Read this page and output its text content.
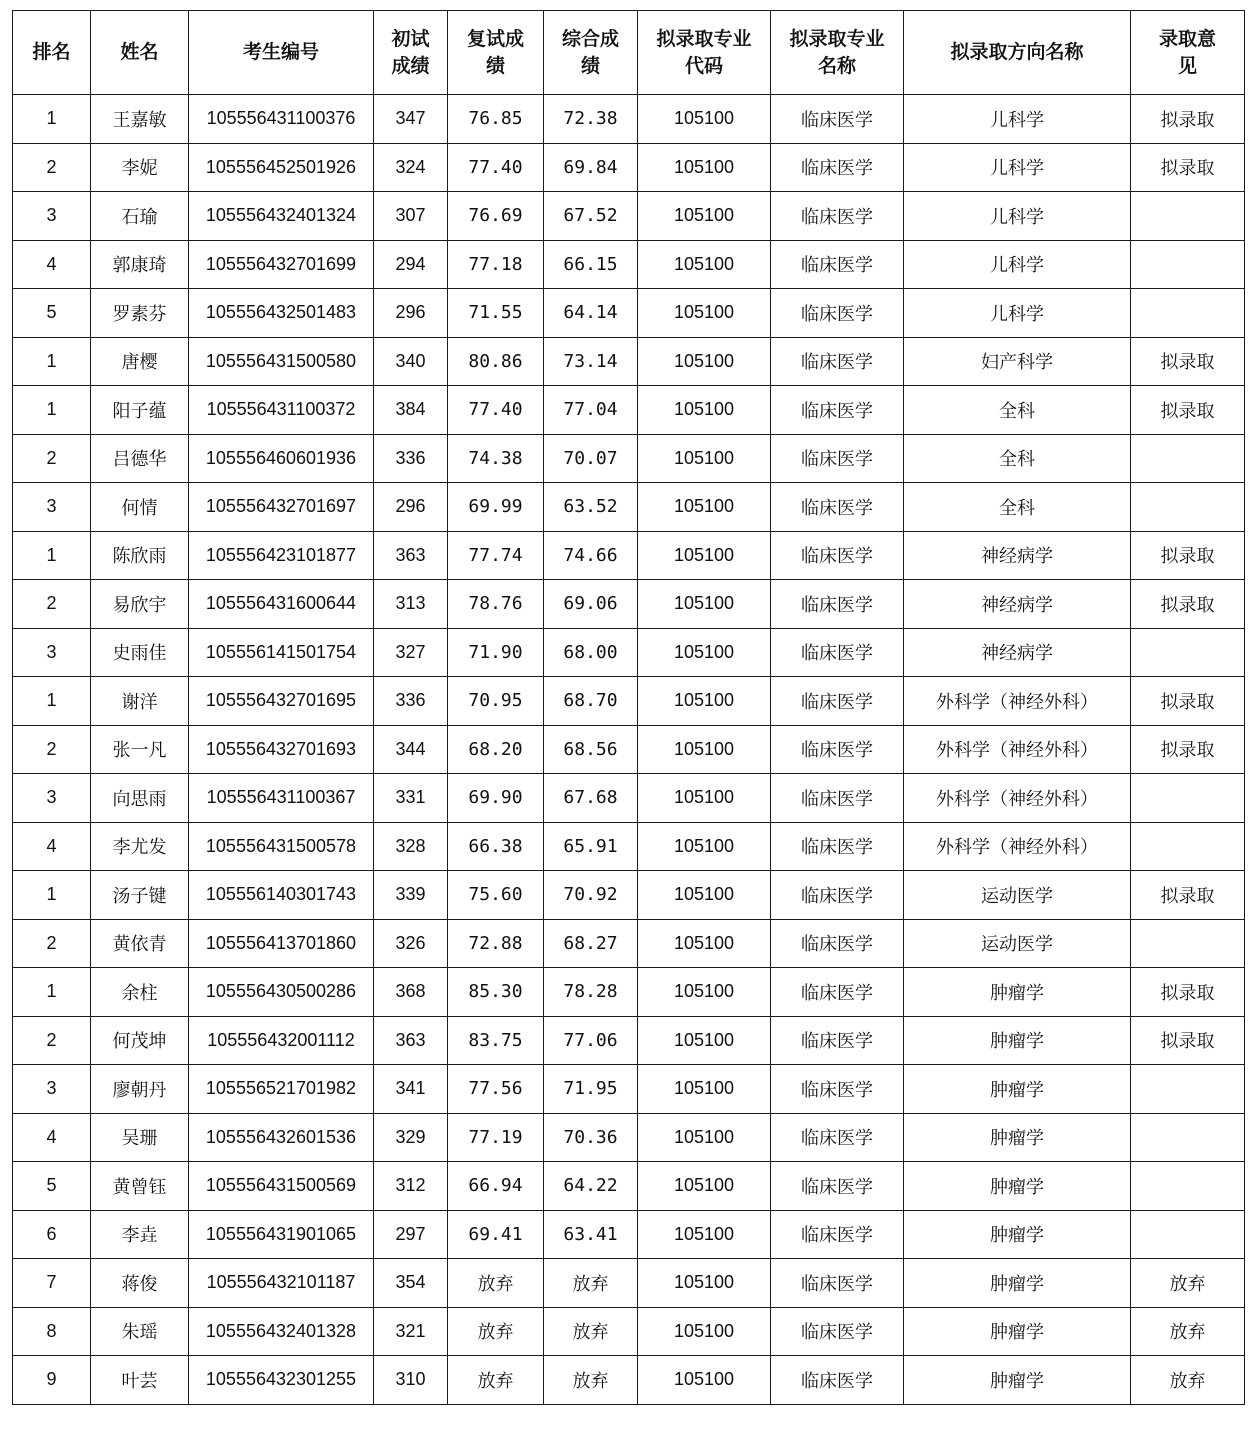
排名	姓名	考生编号	初试成绩	复试成绩	综合成绩	拟录取专业代码	拟录取专业名称	拟录取方向名称	录取意见
1	王嘉敏	105556431100376	347	76.85	72.38	105100	临床医学	儿科学	拟录取
2	李妮	105556452501926	324	77.40	69.84	105100	临床医学	儿科学	拟录取
3	石瑜	105556432401324	307	76.69	67.52	105100	临床医学	儿科学	
4	郭康琦	105556432701699	294	77.18	66.15	105100	临床医学	儿科学	
5	罗素芬	105556432501483	296	71.55	64.14	105100	临床医学	儿科学	
1	唐樱	105556431500580	340	80.86	73.14	105100	临床医学	妇产科学	拟录取
1	阳子蕴	105556431100372	384	77.40	77.04	105100	临床医学	全科	拟录取
2	吕德华	105556460601936	336	74.38	70.07	105100	临床医学	全科	
3	何情	105556432701697	296	69.99	63.52	105100	临床医学	全科	
1	陈欣雨	105556423101877	363	77.74	74.66	105100	临床医学	神经病学	拟录取
2	易欣宇	105556431600644	313	78.76	69.06	105100	临床医学	神经病学	拟录取
3	史雨佳	105556141501754	327	71.90	68.00	105100	临床医学	神经病学	
1	谢洋	105556432701695	336	70.95	68.70	105100	临床医学	外科学（神经外科）	拟录取
2	张一凡	105556432701693	344	68.20	68.56	105100	临床医学	外科学（神经外科）	拟录取
3	向思雨	105556431100367	331	69.90	67.68	105100	临床医学	外科学（神经外科）	
4	李尤发	105556431500578	328	66.38	65.91	105100	临床医学	外科学（神经外科）	
1	汤子键	105556140301743	339	75.60	70.92	105100	临床医学	运动医学	拟录取
2	黄依青	105556413701860	326	72.88	68.27	105100	临床医学	运动医学	
1	余柱	105556430500286	368	85.30	78.28	105100	临床医学	肿瘤学	拟录取
2	何茂坤	105556432001112	363	83.75	77.06	105100	临床医学	肿瘤学	拟录取
3	廖朝丹	105556521701982	341	77.56	71.95	105100	临床医学	肿瘤学	
4	吴珊	105556432601536	329	77.19	70.36	105100	临床医学	肿瘤学	
5	黄曾钰	105556431500569	312	66.94	64.22	105100	临床医学	肿瘤学	
6	李垚	105556431901065	297	69.41	63.41	105100	临床医学	肿瘤学	
7	蒋俊	105556432101187	354	放弃	放弃	105100	临床医学	肿瘤学	放弃
8	朱瑶	105556432401328	321	放弃	放弃	105100	临床医学	肿瘤学	放弃
9	叶芸	105556432301255	310	放弃	放弃	105100	临床医学	肿瘤学	放弃
